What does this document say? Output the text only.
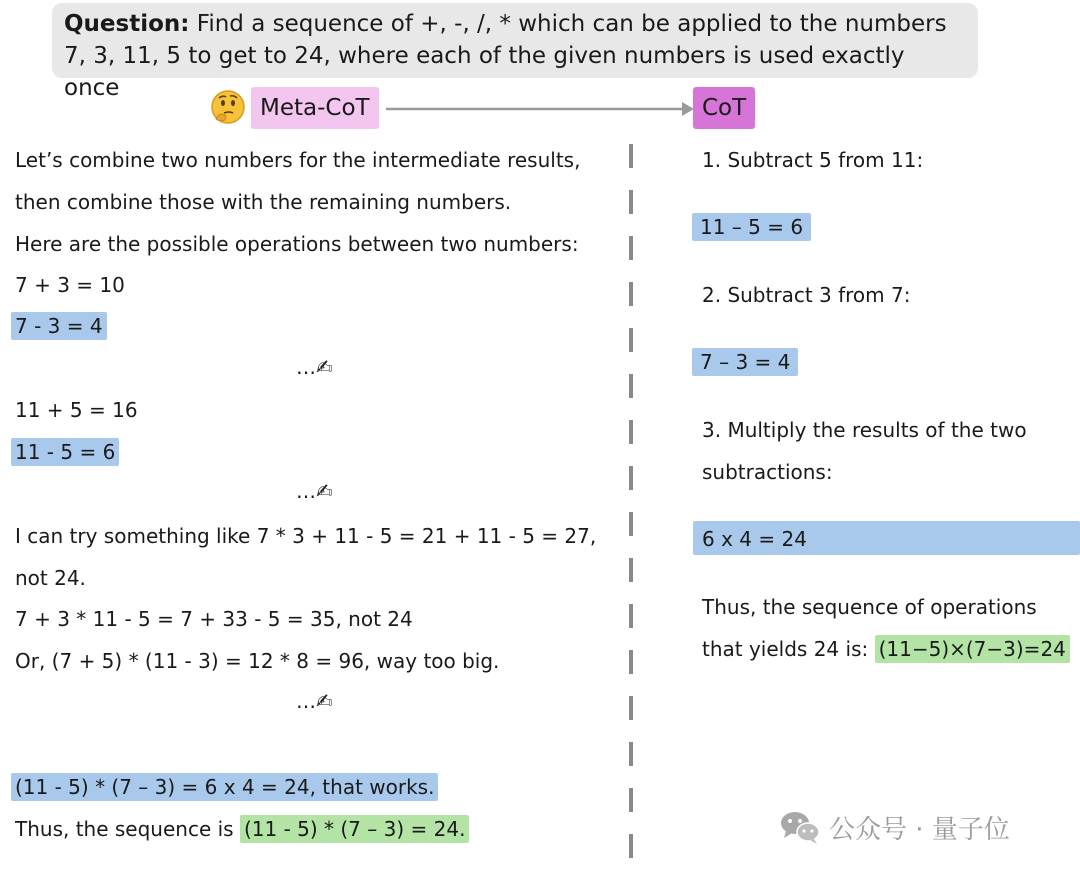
Question: Find a sequence of +, -, /, * which can be applied to the numbers
7, 3, 11, 5 to get to 24, where each of the given numbers is used exactly once
Meta-CoT	CoT
Let’s combine two numbers for the intermediate results,
then combine those with the remaining numbers.
Here are the possible operations between two numbers:
7 + 3 = 10
7 - 3 = 4
…✍
11 + 5 = 16
11 - 5 = 6
…✍
I can try something like 7 * 3 + 11 - 5 = 21 + 11 - 5 = 27,
not 24.
7 + 3 * 11 - 5 = 7 + 33 - 5 = 35, not 24
Or, (7 + 5) * (11 - 3) = 12 * 8 = 96, way too big.
…✍
(11 - 5) * (7 – 3) = 6 x 4 = 24, that works.
Thus, the sequence is (11 - 5) * (7 – 3) = 24.
1. Subtract 5 from 11:
11 – 5 = 6
2. Subtract 3 from 7:
7 – 3 = 4
3. Multiply the results of the two
subtractions:
6 x 4 = 24
Thus, the sequence of operations
that yields 24 is: (11−5)×(7−3)=24
公众号 · 量子位
